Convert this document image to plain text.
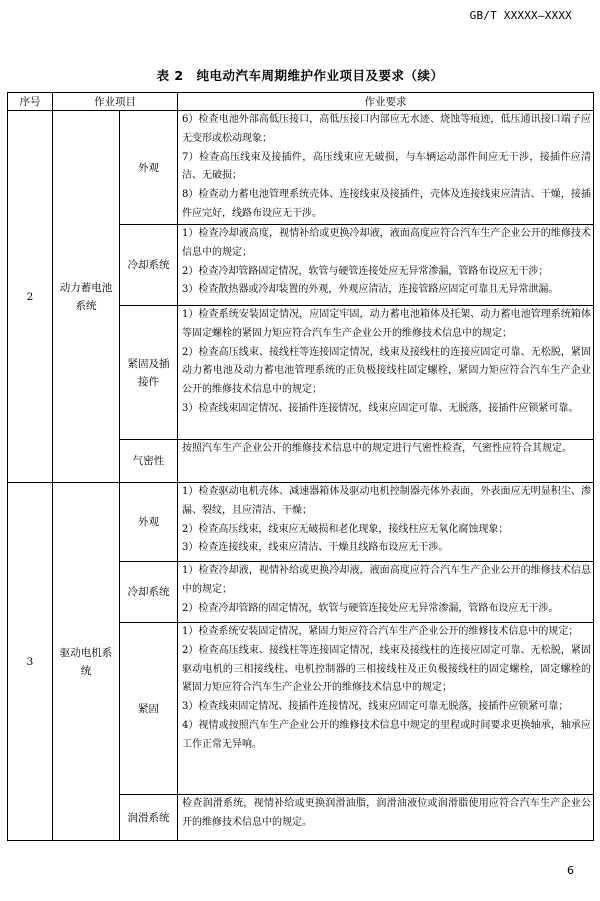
GB/T XXXXX—XXXX
表 2　纯电动汽车周期维护作业项目及要求（续）
序号	作业项目		作业要求
2	动力蓄电池系统	外观	6）检查电池外部高低压接口，高低压接口内部应无水迹、烧蚀等痕迹，低压通讯接口端子应无变形或松动现象；

7）检查高压线束及接插件，高压线束应无破损，与车辆运动部件间应无干涉，接插件应清洁、无破损；

8）检查动力蓄电池管理系统壳体、连接线束及接插件，壳体及连接线束应清洁、干燥，接插件应完好，线路布设应无干涉。

		冷却系统	1）检查冷却液高度，视情补给或更换冷却液，液面高度应符合汽车生产企业公开的维修技术信息中的规定；

2）检查冷却管路固定情况，软管与硬管连接处应无异常渗漏，管路布设应无干涉；

3）检查散热器或冷却装置的外观，外观应清洁，连接管路应固定可靠且无异常泄漏。

		紧固及插接件	1）检查系统安装固定情况，应固定牢固，动力蓄电池箱体及托架、动力蓄电池管理系统箱体等固定螺栓的紧固力矩应符合汽车生产企业公开的维修技术信息中的规定；

2）检查高压线束、接线柱等连接固定情况，线束及接线柱的连接应固定可靠、无松脱，紧固动力蓄电池及动力蓄电池管理系统的正负极接线柱固定螺栓，紧固力矩应符合汽车生产企业公开的维修技术信息中的规定；

3）检查线束固定情况、接插件连接情况，线束应固定可靠、无脱落，接插件应锁紧可靠。

		气密性	按照汽车生产企业公开的维修技术信息中的规定进行气密性检查，气密性应符合其规定。

3	驱动电机系统	外观	1）检查驱动电机壳体、减速器箱体及驱动电机控制器壳体外表面，外表面应无明显积尘、渗漏、裂纹，且应清洁、干燥；

2）检查高压线束，线束应无破损和老化现象，接线柱应无氧化腐蚀现象；

3）检查连接线束，线束应清洁、干燥且线路布设应无干涉。

		冷却系统	1）检查冷却液，视情补给或更换冷却液，液面高度应符合汽车生产企业公开的维修技术信息中的规定；

2）检查冷却管路的固定情况，软管与硬管连接处应无异常渗漏，管路布设应无干涉。

		紧固	1）检查系统安装固定情况，紧固力矩应符合汽车生产企业公开的维修技术信息中的规定；

2）检查高压线束、接线柱等连接固定情况，线束及接线柱的连接应固定可靠、无松脱，紧固驱动电机的三相接线柱、电机控制器的三相接线柱及正负极接线柱的固定螺栓，固定螺栓的紧固力矩应符合汽车生产企业公开的维修技术信息中的规定；

3）检查线束固定情况、接插件连接情况，线束应固定可靠无脱落，接插件应锁紧可靠；

4）视情或按照汽车生产企业公开的维修技术信息中规定的里程或时间要求更换轴承，轴承应工作正常无异响。

		润滑系统	检查润滑系统，视情补给或更换润滑油脂，润滑油液位或润滑脂使用应符合汽车生产企业公开的维修技术信息中的规定。

6
